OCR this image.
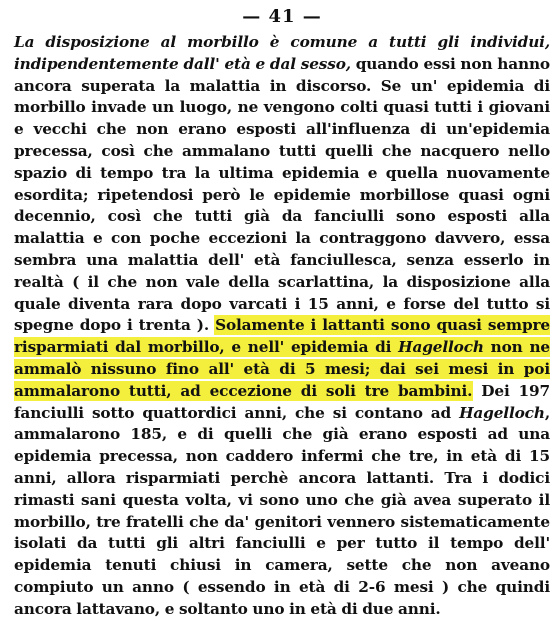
— 41 —

La disposizione al morbillo è comune a tutti gli individui, indipendentemente dall' età e dal sesso, quando essi non hanno ancora superata la malattia in discorso. Se un' epidemia di morbillo invade un luogo, ne vengono colti quasi tutti i giovani e vecchi che non erano esposti all'influenza di un'epidemia precessa, così che ammalano tutti quelli che nacquero nello spazio di tempo tra la ultima epidemia e quella nuovamente esordita; ripetendosi però le epidemie morbillose quasi ogni decennio, così che tutti già da fanciulli sono esposti alla malattia e con poche eccezioni la contraggono davvero, essa sembra una malattia dell' età fanciullesca, senza esserlo in realtà ( il che non vale della scarlattina, la disposizione alla quale diventa rara dopo varcati i 15 anni, e forse del tutto si spegne dopo i trenta ). Solamente i lattanti sono quasi sempre risparmiati dal morbillo, e nell' epidemia di Hagelloch non ne ammalò nissuno fino all' età di 5 mesi; dai sei mesi in poi ammalarono tutti, ad eccezione di soli tre bambini. Dei 197 fanciulli sotto quattordici anni, che si contano ad Hagelloch, ammalarono 185, e di quelli che già erano esposti ad una epidemia precessa, non caddero infermi che tre, in età di 15 anni, allora risparmiati perchè ancora lattanti. Tra i dodici rimasti sani questa volta, vi sono uno che già avea superato il morbillo, tre fratelli che da' genitori vennero sistematicamente isolati da tutti gli altri fanciulli e per tutto il tempo dell' epidemia tenuti chiusi in camera, sette che non aveano compiuto un anno ( essendo in età di 2-6 mesi ) che quindi ancora lattavano, e soltanto uno in età di due anni.
